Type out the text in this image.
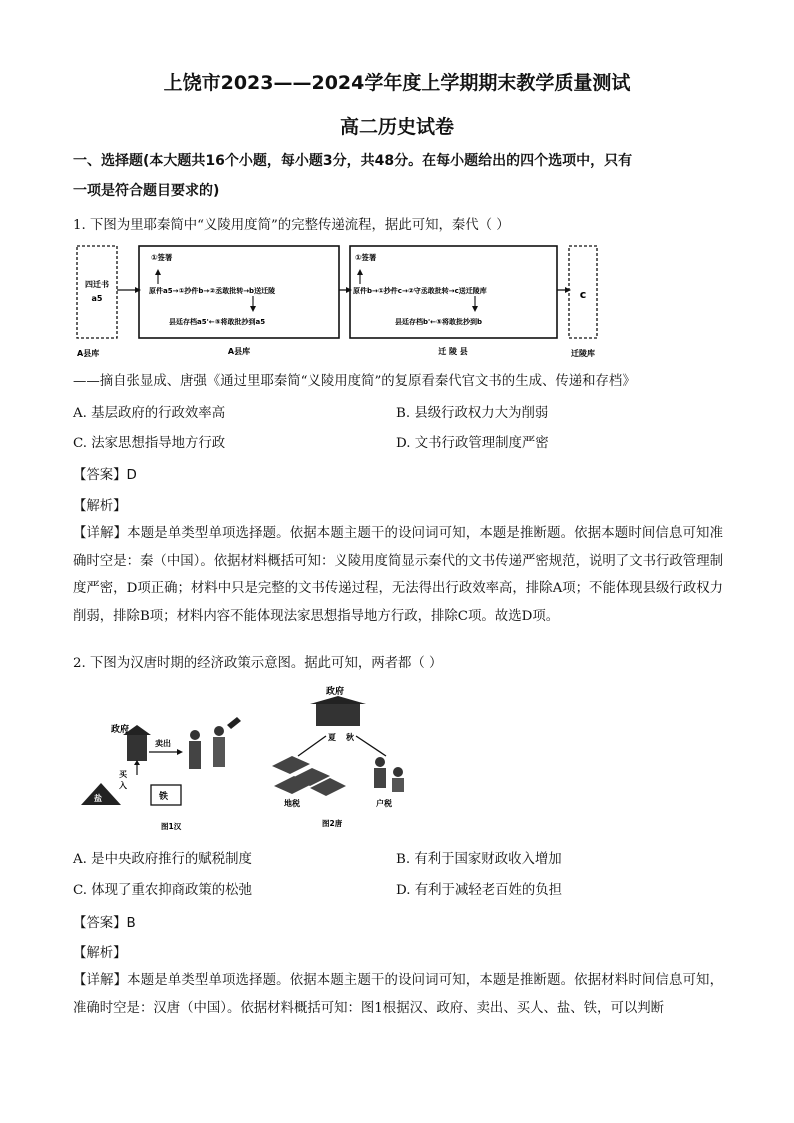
上饶市2023——2024学年度上学期期末教学质量测试
高二历史试卷
一、选择题(本大题共16个小题，每小题3分，共48分。在每小题给出的四个选项中，只有
一项是符合题目要求的)
1. 下图为里耶秦简中“义陵用度简”的完整传递流程，据此可知，秦代（ ）
四迁书
a5
①签署
原件a5→①抄件b→②丞敢批转→b送迁陵
县廷存档a5'←⑤将敢批抄到a5
①签署
原件b→①抄件c→②守丞敢批转→c送迁陵库
县廷存档b'←⑤将敢批抄到b
c
A县库	A县库	迁 陵 县	迁陵库
——摘自张显成、唐强《通过里耶秦简“义陵用度简”的复原看秦代官文书的生成、传递和存档》
A. 基层政府的行政效率高	B. 县级行政权力大为削弱
C. 法家思想指导地方行政	D. 文书行政管理制度严密
【答案】D
【解析】
【详解】本题是单类型单项选择题。依据本题主题干的设问词可知，本题是推断题。依据本题时间信息可知准确时空是：秦（中国）。依据材料概括可知：义陵用度简显示秦代的文书传递严密规范，说明了文书行政管理制度严密，D项正确；材料中只是完整的文书传递过程，无法得出行政效率高，排除A项；不能体现县级行政权力削弱，排除B项；材料内容不能体现法家思想指导地方行政，排除C项。故选D项。
2. 下图为汉唐时期的经济政策示意图。据此可知，两者都（ ）
政府
卖出
买
入
盐	铁
图1汉
政府
夏 秋
地税	户税
图2唐
A. 是中央政府推行的赋税制度	B. 有利于国家财政收入增加
C. 体现了重农抑商政策的松弛	D. 有利于减轻老百姓的负担
【答案】B
【解析】
【详解】本题是单类型单项选择题。依据本题主题干的设问词可知，本题是推断题。依据材料时间信息可知，准确时空是：汉唐（中国）。依据材料概括可知：图1根据汉、政府、卖出、买人、盐、铁，可以判断
